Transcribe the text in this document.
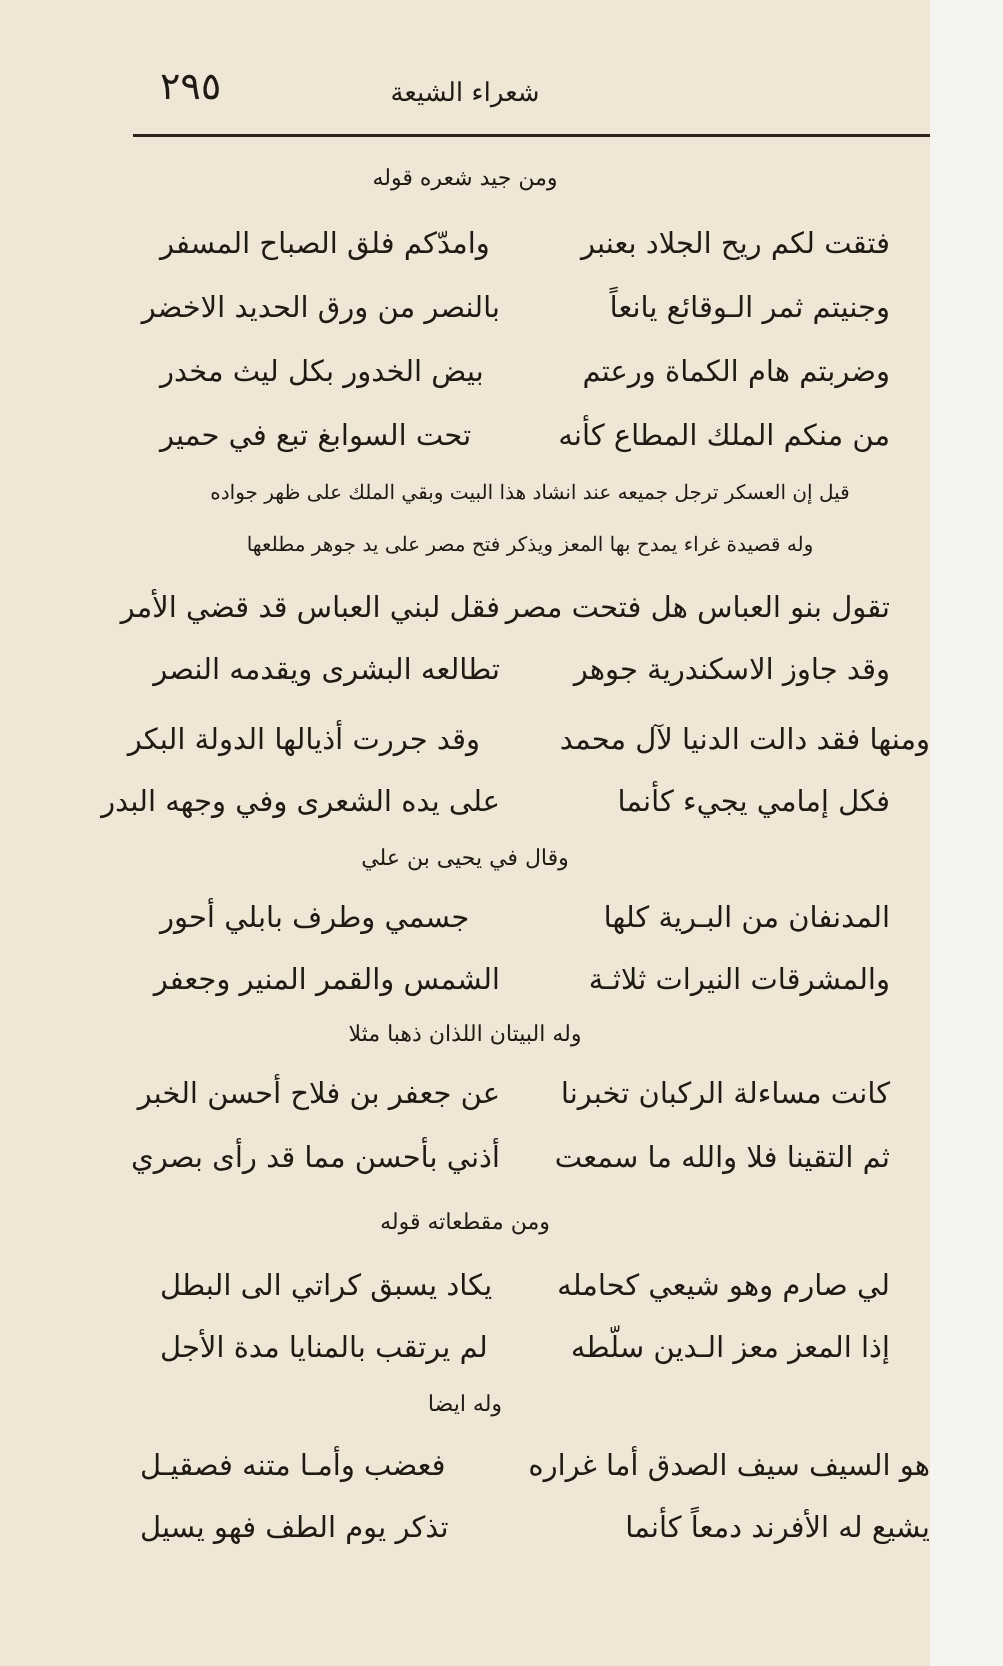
٢٩٥	شعراء الشيعة
ومن جيد شعره قوله
فتقت لكم ريح الجلاد بعنبر
وامدّكم فلق الصباح المسفر
وجنيتم ثمر الـوقائع يانعاً
بالنصر من ورق الحديد الاخضر
وضربتم هام الكماة ورعتم
بيض الخدور بكل ليث مخدر
من منكم الملك المطاع كأنه
تحت السوابغ تبع في حمير
قيل إن العسكر ترجل جميعه عند انشاد هذا البيت وبقي الملك على ظهر جواده
وله قصيدة غراء يمدح بها المعز ويذكر فتح مصر على يد جوهر مطلعها
تقول بنو العباس هل فتحت مصر
فقل لبني العباس قد قضي الأمر
وقد جاوز الاسكندرية جوهر
تطالعه البشرى ويقدمه النصر
ومنها فقد دالت الدنيا لآل محمد
وقد جررت أذيالها الدولة البكر
فكل إمامي يجيء كأنما
على يده الشعرى وفي وجهه البدر
وقال في يحيى بن علي
المدنفان من البـرية كلها
جسمي وطرف بابلي أحور
والمشرقات النيرات ثلاثـة
الشمس والقمر المنير وجعفر
وله البيتان اللذان ذهبا مثلا
كانت مساءلة الركبان تخبرنا
عن جعفر بن فلاح أحسن الخبر
ثم التقينا فلا والله ما سمعت
أذني بأحسن مما قد رأى بصري
ومن مقطعاته قوله
لي صارم وهو شيعي كحامله
يكاد يسبق كراتي الى البطل
إذا المعز معز الـدين سلّطه
لم يرتقب بالمنايا مدة الأجل
وله ايضا
هو السيف سيف الصدق أما غراره
فعضب وأمـا متنه فصقيـل
يشيع له الأفرند دمعاً كأنما
تذكر يوم الطف فهو يسيل
